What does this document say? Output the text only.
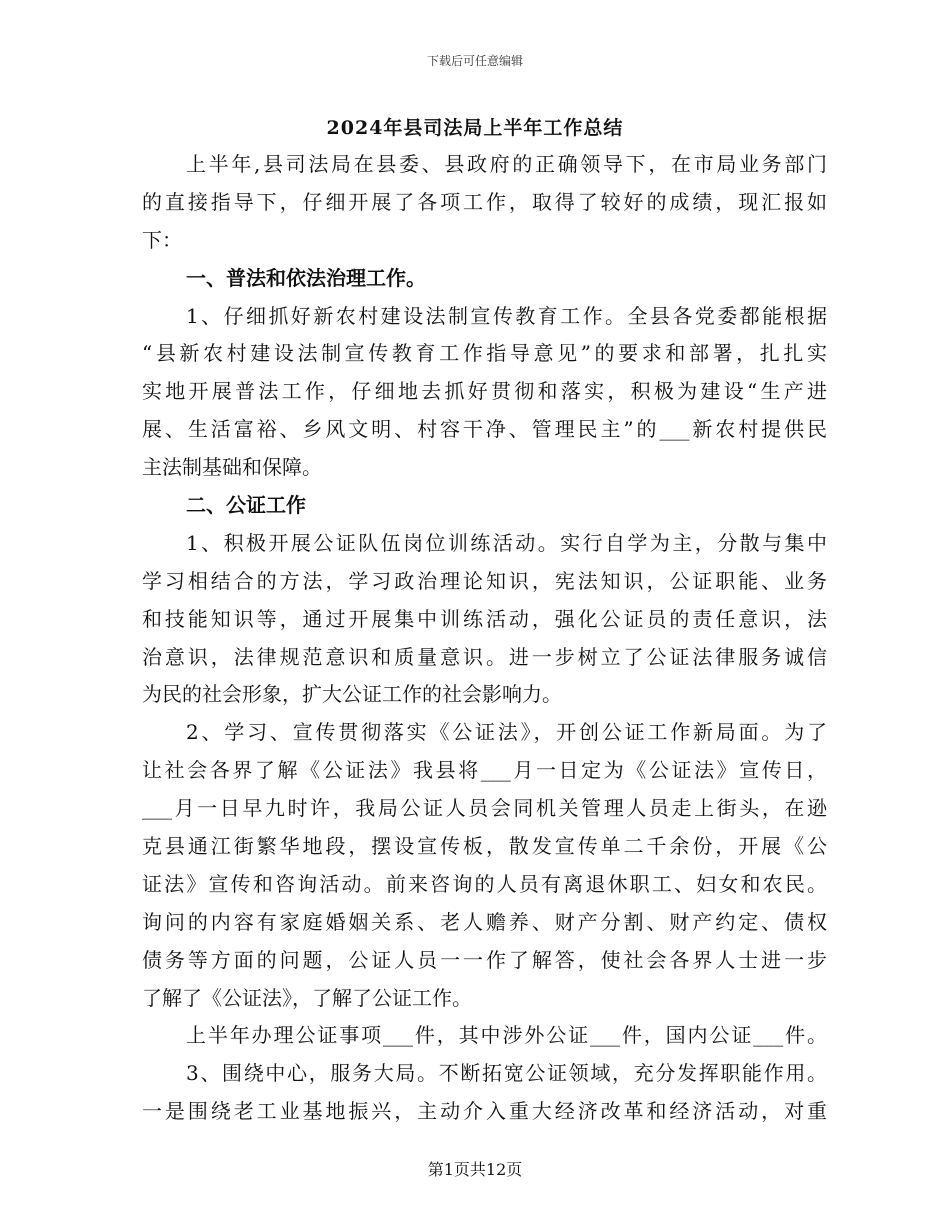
下载后可任意编辑
2024年县司法局上半年工作总结
上半年,县司法局在县委、县政府的正确领导下，在市局业务部门
的直接指导下，仔细开展了各项工作，取得了较好的成绩，现汇报如
下：
一、普法和依法治理工作。
1、仔细抓好新农村建设法制宣传教育工作。全县各党委都能根据
“县新农村建设法制宣传教育工作指导意见”的要求和部署，扎扎实
实地开展普法工作，仔细地去抓好贯彻和落实，积极为建设“生产进
展、生活富裕、乡风文明、村容干净、管理民主”的___新农村提供民
主法制基础和保障。
二、公证工作
1、积极开展公证队伍岗位训练活动。实行自学为主，分散与集中
学习相结合的方法，学习政治理论知识，宪法知识，公证职能、业务
和技能知识等，通过开展集中训练活动，强化公证员的责任意识，法
治意识，法律规范意识和质量意识。进一步树立了公证法律服务诚信
为民的社会形象，扩大公证工作的社会影响力。
2、学习、宣传贯彻落实《公证法》，开创公证工作新局面。为了
让社会各界了解《公证法》我县将___月一日定为《公证法》宣传日，
___月一日早九时许，我局公证人员会同机关管理人员走上街头，在逊
克县通江街繁华地段，摆设宣传板，散发宣传单二千余份，开展《公
证法》宣传和咨询活动。前来咨询的人员有离退休职工、妇女和农民。
询问的内容有家庭婚姻关系、老人赡养、财产分割、财产约定、债权
债务等方面的问题，公证人员一一作了解答，使社会各界人士进一步
了解了《公证法》，了解了公证工作。
上半年办理公证事项___件，其中涉外公证___件，国内公证___件。
3、围绕中心，服务大局。不断拓宽公证领域，充分发挥职能作用。
一是围绕老工业基地振兴，主动介入重大经济改革和经济活动，对重
第1页共12页
